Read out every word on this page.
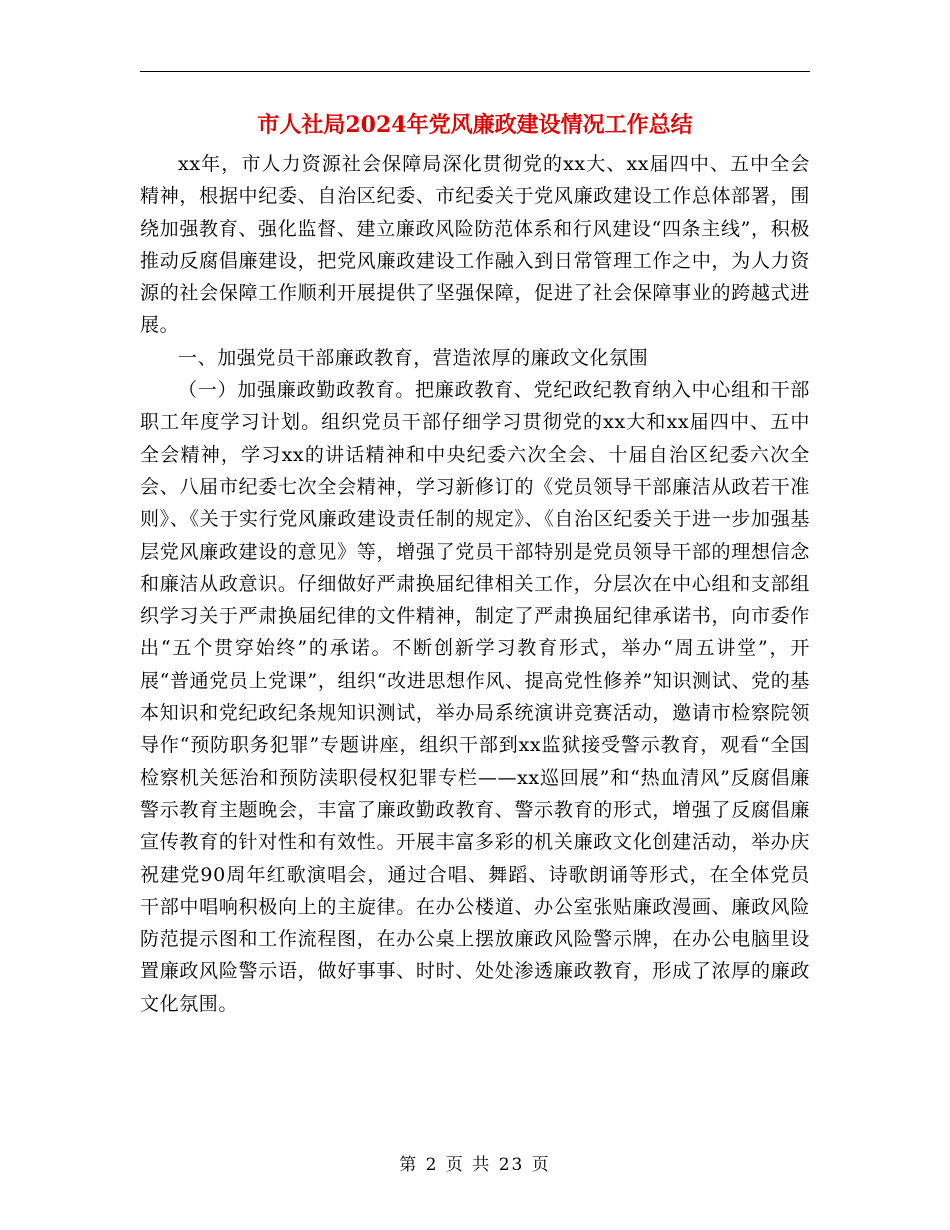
市人社局2024年党风廉政建设情况工作总结

xx年，市人力资源社会保障局深化贯彻党的xx大、xx届四中、五中全会精神，根据中纪委、自治区纪委、市纪委关于党风廉政建设工作总体部署，围绕加强教育、强化监督、建立廉政风险防范体系和行风建设“四条主线”，积极推动反腐倡廉建设，把党风廉政建设工作融入到日常管理工作之中，为人力资源的社会保障工作顺利开展提供了坚强保障，促进了社会保障事业的跨越式进展。

一、加强党员干部廉政教育，营造浓厚的廉政文化氛围

（一）加强廉政勤政教育。把廉政教育、党纪政纪教育纳入中心组和干部职工年度学习计划。组织党员干部仔细学习贯彻党的xx大和xx届四中、五中全会精神，学习xx的讲话精神和中央纪委六次全会、十届自治区纪委六次全会、八届市纪委七次全会精神，学习新修订的《党员领导干部廉洁从政若干准则》、《关于实行党风廉政建设责任制的规定》、《自治区纪委关于进一步加强基层党风廉政建设的意见》等，增强了党员干部特别是党员领导干部的理想信念和廉洁从政意识。仔细做好严肃换届纪律相关工作，分层次在中心组和支部组织学习关于严肃换届纪律的文件精神，制定了严肃换届纪律承诺书，向市委作出“五个贯穿始终”的承诺。不断创新学习教育形式，举办“周五讲堂”，开展“普通党员上党课”，组织“改进思想作风、提高党性修养”知识测试、党的基本知识和党纪政纪条规知识测试，举办局系统演讲竞赛活动，邀请市检察院领导作“预防职务犯罪”专题讲座，组织干部到xx监狱接受警示教育，观看“全国检察机关惩治和预防渎职侵权犯罪专栏——xx巡回展”和“热血清风”反腐倡廉警示教育主题晚会，丰富了廉政勤政教育、警示教育的形式，增强了反腐倡廉宣传教育的针对性和有效性。开展丰富多彩的机关廉政文化创建活动，举办庆祝建党90周年红歌演唱会，通过合唱、舞蹈、诗歌朗诵等形式，在全体党员干部中唱响积极向上的主旋律。在办公楼道、办公室张贴廉政漫画、廉政风险防范提示图和工作流程图，在办公桌上摆放廉政风险警示牌，在办公电脑里设置廉政风险警示语，做好事事、时时、处处渗透廉政教育，形成了浓厚的廉政文化氛围。

第 2 页 共 23 页
